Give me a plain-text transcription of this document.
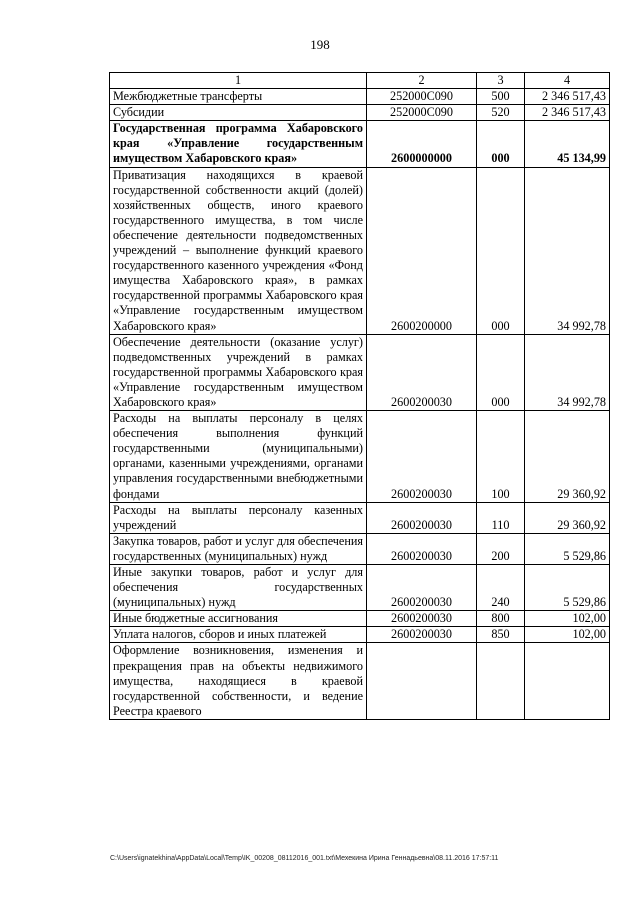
198
1	2	3	4
Межбюджетные трансферты	252000C090	500	2 346 517,43
Субсидии	252000C090	520	2 346 517,43
Государственная программа Хабаровского края «Управление государственным имуществом Хабаровского края»	2600000000	000	45 134,99
Приватизация находящихся в краевой государственной собственности акций (долей) хозяйственных обществ, иного краевого государственного имущества, в том числе обеспечение деятельности подведомственных учреждений – выполнение функций краевого государственного казенного учреждения «Фонд имущества Хабаровского края», в рамках государственной программы Хабаровского края «Управление государственным имуществом Хабаровского края»	2600200000	000	34 992,78
Обеспечение деятельности (оказание услуг) подведомственных учреждений в рамках государственной программы Хабаровского края «Управление государственным имуществом Хабаровского края»	2600200030	000	34 992,78
Расходы на выплаты персоналу в целях обеспечения выполнения функций государственными (муниципальными) органами, казенными учреждениями, органами управления государственными внебюджетными фондами	2600200030	100	29 360,92
Расходы на выплаты персоналу казенных учреждений	2600200030	110	29 360,92
Закупка товаров, работ и услуг для обеспечения государственных (муниципальных) нужд	2600200030	200	5 529,86
Иные закупки товаров, работ и услуг для обеспечения государственных (муниципальных) нужд	2600200030	240	5 529,86
Иные бюджетные ассигнования	2600200030	800	102,00
Уплата налогов, сборов и иных платежей	2600200030	850	102,00
Оформление возникновения, изменения и прекращения прав на объекты недвижимого имущества, находящиеся в краевой государственной собственности, и ведение Реестра краевого			
C:\Users\ignatekhina\AppData\Local\Temp\IK_00208_08112016_001.txt\Мехекина Ирина Геннадьевна\08.11.2016 17:57:11
